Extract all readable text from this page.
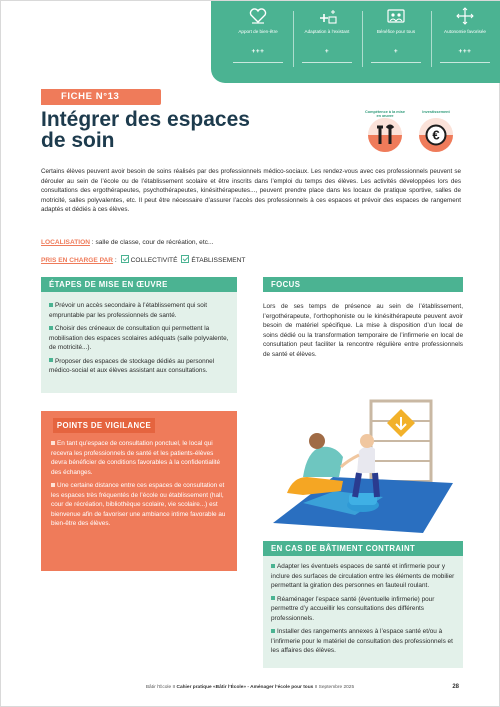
Apport de bien-être
+++
Adaptation à l’existant
+
Bénéfice pour tous
+
Autonomie favorisée
+++
FICHE N°13
Intégrer des espaces
de soin
Compétence à la mise en œuvre
Investissement
€
Certains élèves peuvent avoir besoin de soins réalisés par des professionnels médico-sociaux. Les rendez-vous avec ces professionnels peuvent se dérouler au sein de l’école ou de l’établissement scolaire et être inscrits dans l’emploi du temps des élèves. Les activités développées lors des consultations des ergothérapeutes, psychothérapeutes, kinésithérapeutes..., peuvent prendre place dans les locaux de pratique sportive, salles de motricité, salles polyvalentes, etc. Il peut être nécessaire d’assurer l’accès des professionnels à ces espaces et prévoir des espaces de rangement adaptés et dédiés à ces élèves.
LOCALISATION : salle de classe, cour de récréation, etc...
PRIS EN CHARGE PAR : COLLECTIVITÉ ÉTABLISSEMENT
ÉTAPES DE MISE EN ŒUVRE
Prévoir un accès secondaire à l’établissement qui soit empruntable par les professionnels de santé.
Choisir des créneaux de consultation qui permettent la mobilisation des espaces scolaires adéquats (salle polyvalente, de motricité...).
Proposer des espaces de stockage dédiés au personnel médico-social et aux élèves assistant aux consultations.
FOCUS
Lors de ses temps de présence au sein de l’établissement, l’ergothérapeute, l’orthophoniste ou le kinésithérapeute peuvent avoir besoin de matériel spécifique. La mise à disposition d’un local de soins dédié ou la transformation temporaire de l’infirmerie en local de consultation peut faciliter la rencontre régulière entre professionnels de santé et élèves.
En tant qu’espace de consultation ponctuel, le local qui recevra les professionnels de santé et les patients-élèves devra bénéficier de conditions favorables à la confidentialité des échanges.
Une certaine distance entre ces espaces de consultation et les espaces très fréquentés de l’école ou établissement (hall, cour de récréation, bibliothèque scolaire, vie scolaire...) est bienvenue afin de favoriser une ambiance intime favorable au bien-être des élèves.
POINTS DE VIGILANCE
EN CAS DE BÂTIMENT CONTRAINT
Adapter les éventuels espaces de santé et infirmerie pour y inclure des surfaces de circulation entre les éléments de mobilier permettant la giration des personnes en fauteuil roulant.
Réaménager l’espace santé (éventuelle infirmerie) pour permettre d’y accueillir les consultations des différents professionnels.
Installer des rangements annexes à l’espace santé et/ou à l’infirmerie pour le matériel de consultation des professionnels et les affaires des élèves.
Bâtir l’École II Cahier pratique «Bâtir l’École» - Aménager l’école pour tous II Septembre 2025	28
